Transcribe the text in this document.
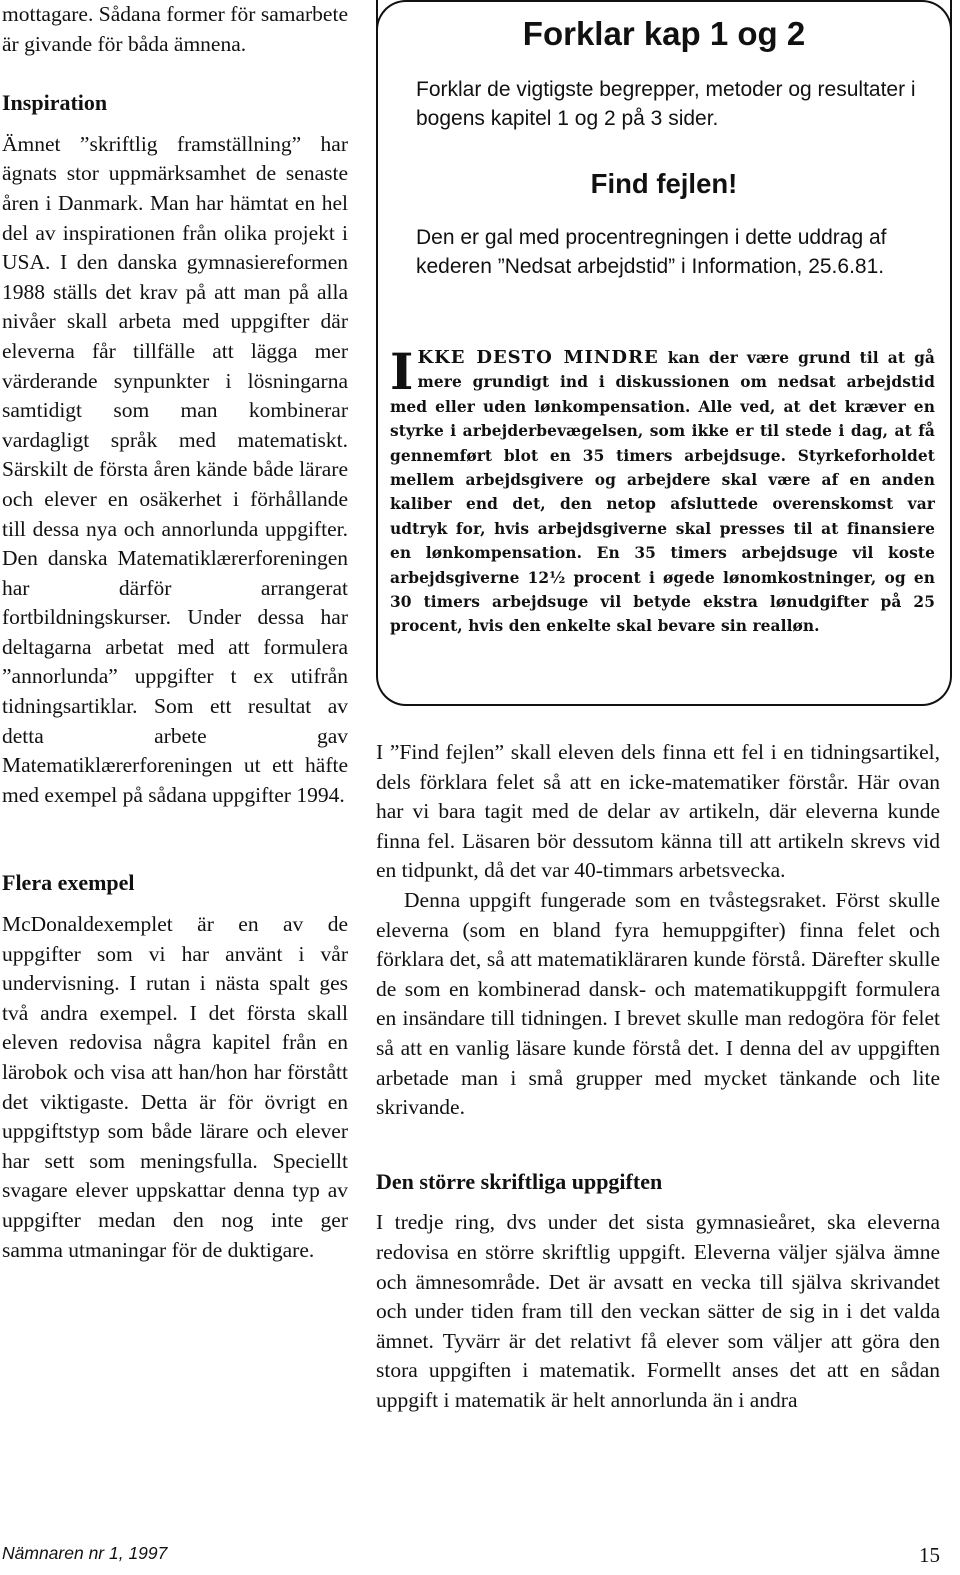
mottagare. Sådana former för samarbete är givande för båda ämnena.

Inspiration

Ämnet ”skriftlig framställning” har ägnats stor uppmärksamhet de senaste åren i Danmark. Man har hämtat en hel del av inspirationen från olika projekt i USA. I den danska gymnasiereformen 1988 ställs det krav på att man på alla nivåer skall arbeta med uppgifter där eleverna får tillfälle att lägga mer värderande synpunkter i lösningarna samtidigt som man kombinerar vardagligt språk med matematiskt. Särskilt de första åren kände både lärare och elever en osäkerhet i förhållande till dessa nya och annorlunda uppgifter. Den danska Matematiklærerforeningen har därför arrangerat fortbildningskurser. Under dessa har deltagarna arbetat med att formulera ”annorlunda” uppgifter t ex utifrån tidningsartiklar. Som ett resultat av detta arbete gav Matematiklærerforeningen ut ett häfte med exempel på sådana uppgifter 1994.

Flera exempel

McDonaldexemplet är en av de uppgifter som vi har använt i vår undervisning. I rutan i nästa spalt ges två andra exempel. I det första skall eleven redovisa några kapitel från en lärobok och visa att han/hon har förstått det viktigaste. Detta är för övrigt en uppgiftstyp som både lärare och elever har sett som meningsfulla. Speciellt svagare elever uppskattar denna typ av uppgifter medan den nog inte ger samma utmaningar för de duktigare.

Forklar kap 1 og 2
Forklar de vigtigste begrepper, metoder og resultater i bogens kapitel 1 og 2 på 3 sider.
Find fejlen!
Den er gal med procentregningen i dette uddrag af kederen ”Nedsat arbejdstid” i Information, 25.6.81.
IKKE DESTO MINDRE kan der være grund til at gå mere grundigt ind i diskussionen om nedsat arbejdstid med eller uden lønkompensation. Alle ved, at det kræver en styrke i arbejderbevægelsen, som ikke er til stede i dag, at få gennemført blot en 35 timers arbejdsuge. Styrkeforholdet mellem arbejdsgivere og arbejdere skal være af en anden kaliber end det, den netop afsluttede overenskomst var udtryk for, hvis arbejdsgiverne skal presses til at finansiere en lønkompensation. En 35 timers arbejdsuge vil koste arbejdsgiverne 12½ procent i øgede lønomkostninger, og en 30 timers arbejdsuge vil betyde ekstra lønudgifter på 25 procent, hvis den enkelte skal bevare sin realløn.

I ”Find fejlen” skall eleven dels finna ett fel i en tidningsartikel, dels förklara felet så att en icke-matematiker förstår. Här ovan har vi bara tagit med de delar av artikeln, där eleverna kunde finna fel. Läsaren bör dessutom känna till att artikeln skrevs vid en tidpunkt, då det var 40-timmars arbetsvecka.

Denna uppgift fungerade som en tvåstegsraket. Först skulle eleverna (som en bland fyra hemuppgifter) finna felet och förklara det, så att matematikläraren kunde förstå. Därefter skulle de som en kombinerad dansk- och matematikuppgift formulera en insändare till tidningen. I brevet skulle man redogöra för felet så att en vanlig läsare kunde förstå det. I denna del av uppgiften arbetade man i små grupper med mycket tänkande och lite skrivande.

Den större skriftliga uppgiften

I tredje ring, dvs under det sista gymnasieåret, ska eleverna redovisa en större skriftlig uppgift. Eleverna väljer själva ämne och ämnesområde. Det är avsatt en vecka till själva skrivandet och under tiden fram till den veckan sätter de sig in i det valda ämnet. Tyvärr är det relativt få elever som väljer att göra den stora uppgiften i matematik. Formellt anses det att en sådan uppgift i matematik är helt annorlunda än i andra

Nämnaren nr 1, 1997	15
